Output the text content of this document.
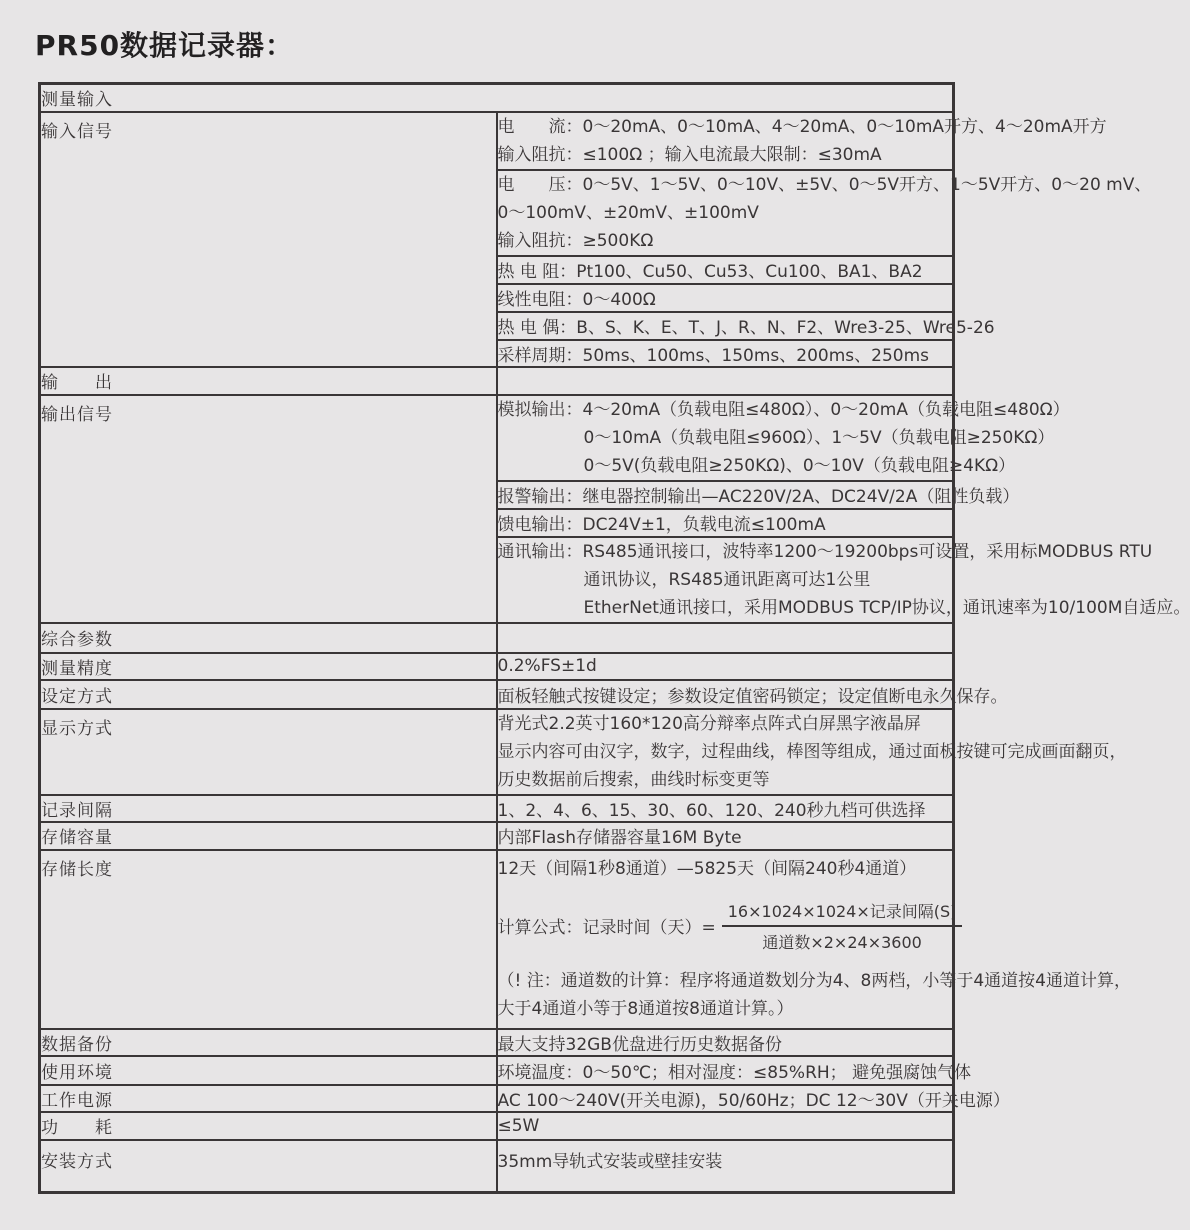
PR50数据记录器：
测量输入	
输入信号	电　　流：0～20mA、0～10mA、4～20mA、0～10mA开方、4～20mA开方
输入阻抗：≤100Ω ；输入电流最大限制：≤30mA

	电　　压：0～5V、1～5V、0～10V、±5V、0～5V开方、1～5V开方、0～20 mV、
0～100mV、±20mV、±100mV
输入阻抗：≥500KΩ

	热 电 阻：Pt100、Cu50、Cu53、Cu100、BA1、BA2
	线性电阻：0～400Ω
	热 电 偶：B、S、K、E、T、J、R、N、F2、Wre3-25、Wre5-26
	采样周期：50ms、100ms、150ms、200ms、250ms
输　　出	
输出信号	模拟输出：4～20mA（负载电阻≤480Ω）、0～20mA（负载电阻≤480Ω）
0～10mA（负载电阻≤960Ω）、1～5V（负载电阻≥250KΩ）
0～5V(负载电阻≥250KΩ)、0～10V（负载电阻≥4KΩ）

	报警输出：继电器控制输出—AC220V/2A、DC24V/2A（阻性负载）
	馈电输出：DC24V±1，负载电流≤100mA

	通讯输出：RS485通讯接口，波特率1200～19200bps可设置，采用标MODBUS RTU
通讯协议，RS485通讯距离可达1公里
EtherNet通讯接口，采用MODBUS TCP/IP协议，通讯速率为10/100M自适应。

综合参数	
测量精度	0.2%FS±1d
设定方式	面板轻触式按键设定；参数设定值密码锁定；设定值断电永久保存。
显示方式	背光式2.2英寸160*120高分辩率点阵式白屏黑字液晶屏
显示内容可由汉字，数字，过程曲线，棒图等组成，通过面板按键可完成画面翻页，
历史数据前后搜索，曲线时标变更等

记录间隔	1、2、4、6、15、30、60、120、240秒九档可供选择
存储容量	内部Flash存储器容量16M Byte
存储长度	12天（间隔1秒8通道）—5825天（间隔240秒4通道）
计算公式：记录时间（天）= $\frac{\text{16×1024×1024×记录间隔(S)}}{\text{通道数×2×24×3600}}$
（! 注：通道数的计算：程序将通道数划分为4、8两档，小等于4通道按4通道计算，
大于4通道小等于8通道按8通道计算。）

数据备份	最大支持32GB优盘进行历史数据备份
使用环境	环境温度：0～50℃；相对湿度：≤85%RH； 避免强腐蚀气体
工作电源	AC 100～240V(开关电源)，50/60Hz；DC 12～30V（开关电源）
功　　耗	≤5W
安装方式	35mm导轨式安装或壁挂安装
